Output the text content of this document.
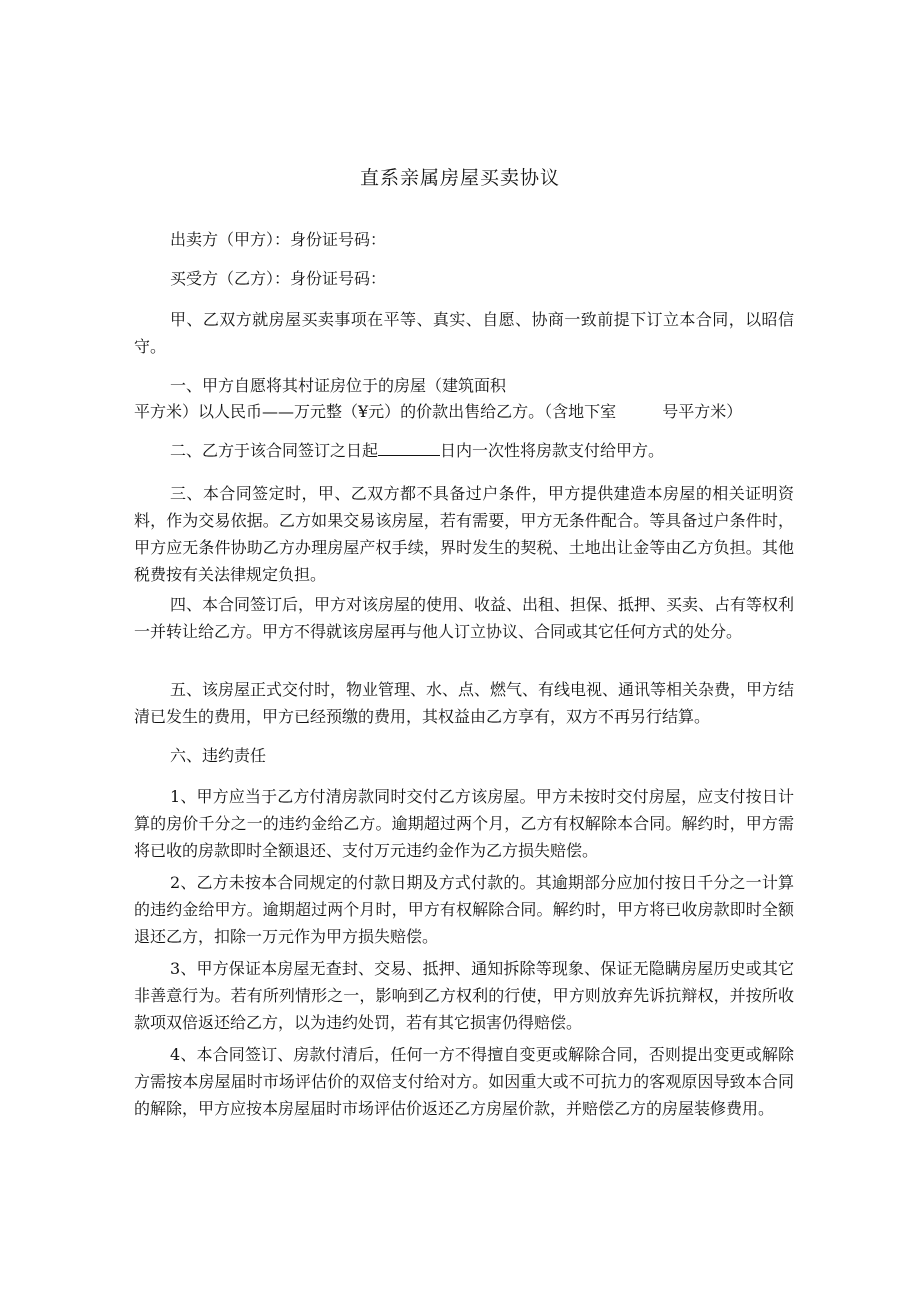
直系亲属房屋买卖协议

出卖方（甲方）：身份证号码：

买受方（乙方）：身份证号码：

甲、乙双方就房屋买卖事项在平等、真实、自愿、协商一致前提下订立本合同，以昭信守。

一、甲方自愿将其村证房位于的房屋（建筑面积

平方米）以人民币——万元整（¥元）的价款出售给乙方。（含地下室	号平方米）

二、乙方于该合同签订之日起	日内一次性将房款支付给甲方。

三、本合同签定时，甲、乙双方都不具备过户条件，甲方提供建造本房屋的相关证明资料，作为交易依据。乙方如果交易该房屋，若有需要，甲方无条件配合。等具备过户条件时，甲方应无条件协助乙方办理房屋产权手续，界时发生的契税、土地出让金等由乙方负担。其他税费按有关法律规定负担。

四、本合同签订后，甲方对该房屋的使用、收益、出租、担保、抵押、买卖、占有等权利一并转让给乙方。甲方不得就该房屋再与他人订立协议、合同或其它任何方式的处分。

五、该房屋正式交付时，物业管理、水、点、燃气、有线电视、通讯等相关杂费，甲方结清已发生的费用，甲方已经预缴的费用，其权益由乙方享有，双方不再另行结算。

六、违约责任

1、甲方应当于乙方付清房款同时交付乙方该房屋。甲方未按时交付房屋，应支付按日计算的房价千分之一的违约金给乙方。逾期超过两个月，乙方有权解除本合同。解约时，甲方需将已收的房款即时全额退还、支付万元违约金作为乙方损失赔偿。

2、乙方未按本合同规定的付款日期及方式付款的。其逾期部分应加付按日千分之一计算的违约金给甲方。逾期超过两个月时，甲方有权解除合同。解约时，甲方将已收房款即时全额退还乙方，扣除一万元作为甲方损失赔偿。

3、甲方保证本房屋无查封、交易、抵押、通知拆除等现象、保证无隐瞒房屋历史或其它非善意行为。若有所列情形之一，影响到乙方权利的行使，甲方则放弃先诉抗辩权，并按所收款项双倍返还给乙方，以为违约处罚，若有其它损害仍得赔偿。

4、本合同签订、房款付清后，任何一方不得擅自变更或解除合同，否则提出变更或解除方需按本房屋届时市场评估价的双倍支付给对方。如因重大或不可抗力的客观原因导致本合同的解除，甲方应按本房屋届时市场评估价返还乙方房屋价款，并赔偿乙方的房屋装修费用。
